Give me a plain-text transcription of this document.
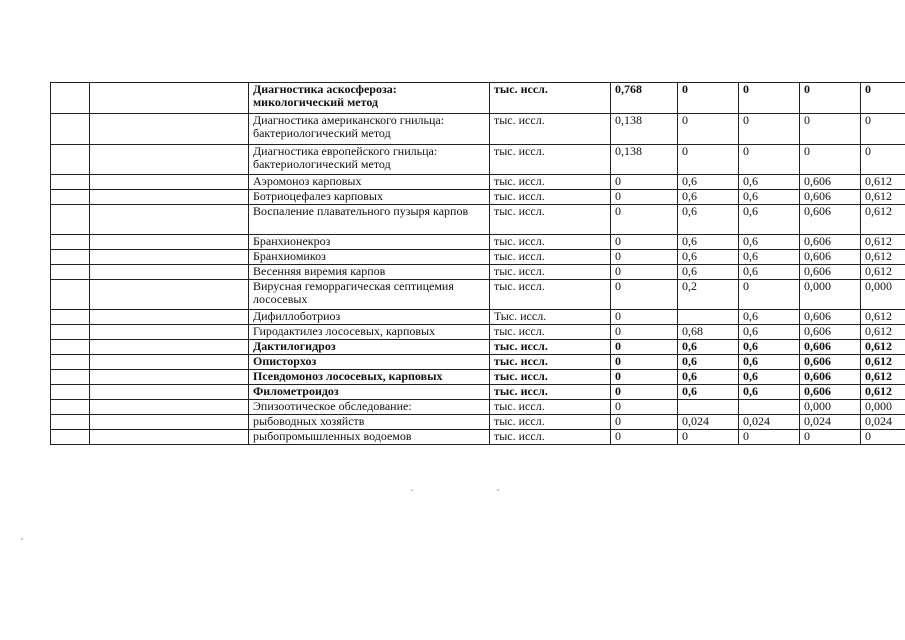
		Диагностика аскосфероза: микологический метод	тыс. иссл.	0,768	0	0	0	0
		Диагностика американского гнильца: бактериологический метод	тыс. иссл.	0,138	0	0	0	0
		Диагностика европейского гнильца: бактериологический метод	тыс. иссл.	0,138	0	0	0	0
		Аэромоноз карповых	тыс. иссл.	0	0,6	0,6	0,606	0,612
		Ботриоцефалез карповых	тыс. иссл.	0	0,6	0,6	0,606	0,612
		Воспаление плавательного пузыря карпов	тыс. иссл.	0	0,6	0,6	0,606	0,612
		Бранхионекроз	тыс. иссл.	0	0,6	0,6	0,606	0,612
		Бранхиомикоз	тыс. иссл.	0	0,6	0,6	0,606	0,612
		Весенняя виремия карпов	тыс. иссл.	0	0,6	0,6	0,606	0,612
		Вирусная геморрагическая септицемия лососевых	тыс. иссл.	0	0,2	0	0,000	0,000
		Дифиллоботриоз	Тыс. иссл.	0		0,6	0,606	0,612
		Гиродактилез лососевых, карповых	тыс. иссл.	0	0,68	0,6	0,606	0,612
		Дактилогидроз	тыс. иссл.	0	0,6	0,6	0,606	0,612
		Описторхоз	тыс. иссл.	0	0,6	0,6	0,606	0,612
		Псевдомоноз лососевых, карповых	тыс. иссл.	0	0,6	0,6	0,606	0,612
		Филометроидоз	тыс. иссл.	0	0,6	0,6	0,606	0,612
		Эпизоотическое обследование:	тыс. иссл.	0			0,000	0,000
		рыбоводных хозяйств	тыс. иссл.	0	0,024	0,024	0,024	0,024
		рыбопромышленных водоемов	тыс. иссл.	0	0	0	0	0
